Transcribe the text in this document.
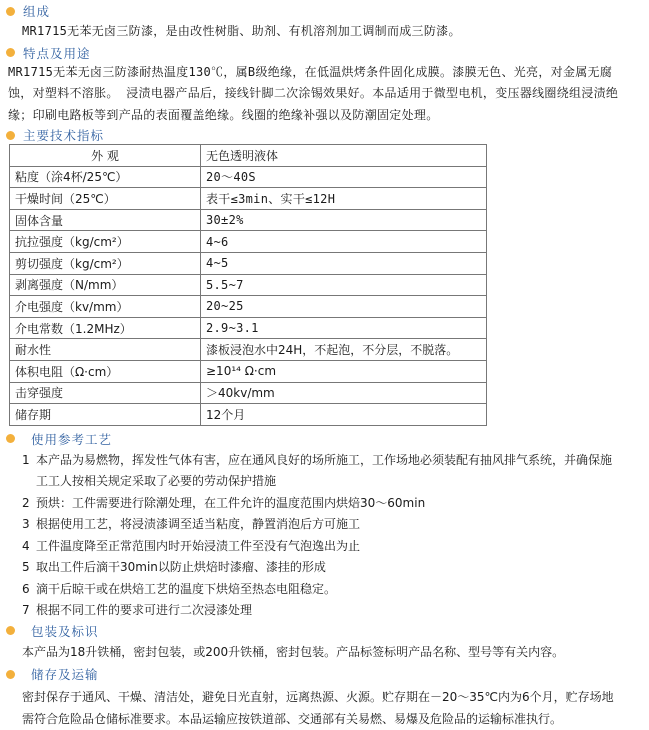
组成
MR1715无苯无卤三防漆，是由改性树脂、助剂、有机溶剂加工调制而成三防漆。
特点及用途
MR1715无苯无卤三防漆耐热温度130℃，属B级绝缘，在低温烘烤条件固化成膜。漆膜无色、光亮，对金属无腐
蚀，对塑料不溶胀。 浸渍电器产品后，接线针脚二次涂锡效果好。本品适用于微型电机，变压器线圈绕组浸渍绝
缘；印刷电路板等到产品的表面覆盖绝缘。线圈的绝缘补强以及防潮固定处理。
主要技术指标
外 观	无色透明液体
粘度（涂4杯/25℃）	20～40S
干燥时间（25℃）	表干≤3min、实干≤12H
固体含量	30±2%
抗拉强度（kg/cm²）	4~6
剪切强度（kg/cm²）	4~5
剥离强度（N/mm）	5.5~7
介电强度（kv/mm）	20~25
介电常数（1.2MHz）	2.9~3.1
耐水性	漆板浸泡水中24H，不起泡，不分层，不脱落。
体积电阻（Ω·cm）	≥10¹⁴ Ω·cm
击穿强度	＞40kv/mm
储存期	12个月
使用参考工艺
1 本产品为易燃物，挥发性气体有害，应在通风良好的场所施工，工作场地必须装配有抽风排气系统，并确保施
工工人按相关规定采取了必要的劳动保护措施
2 预烘：工件需要进行除潮处理，在工件允许的温度范围内烘焙30～60min
3 根据使用工艺，将浸渍漆调至适当粘度，静置消泡后方可施工
4 工件温度降至正常范围内时开始浸渍工件至没有气泡逸出为止
5 取出工件后滴干30min以防止烘焙时漆瘤、漆挂的形成
6 滴干后晾干或在烘焙工艺的温度下烘焙至热态电阻稳定。
7 根据不同工件的要求可进行二次浸漆处理
包装及标识
本产品为18升铁桶，密封包装，或200升铁桶，密封包装。产品标签标明产品名称、型号等有关内容。
储存及运输
密封保存于通风、干燥、清洁处，避免日光直射，远离热源、火源。贮存期在－20～35℃内为6个月，贮存场地
需符合危险品仓储标准要求。本品运输应按铁道部、交通部有关易燃、易爆及危险品的运输标准执行。
